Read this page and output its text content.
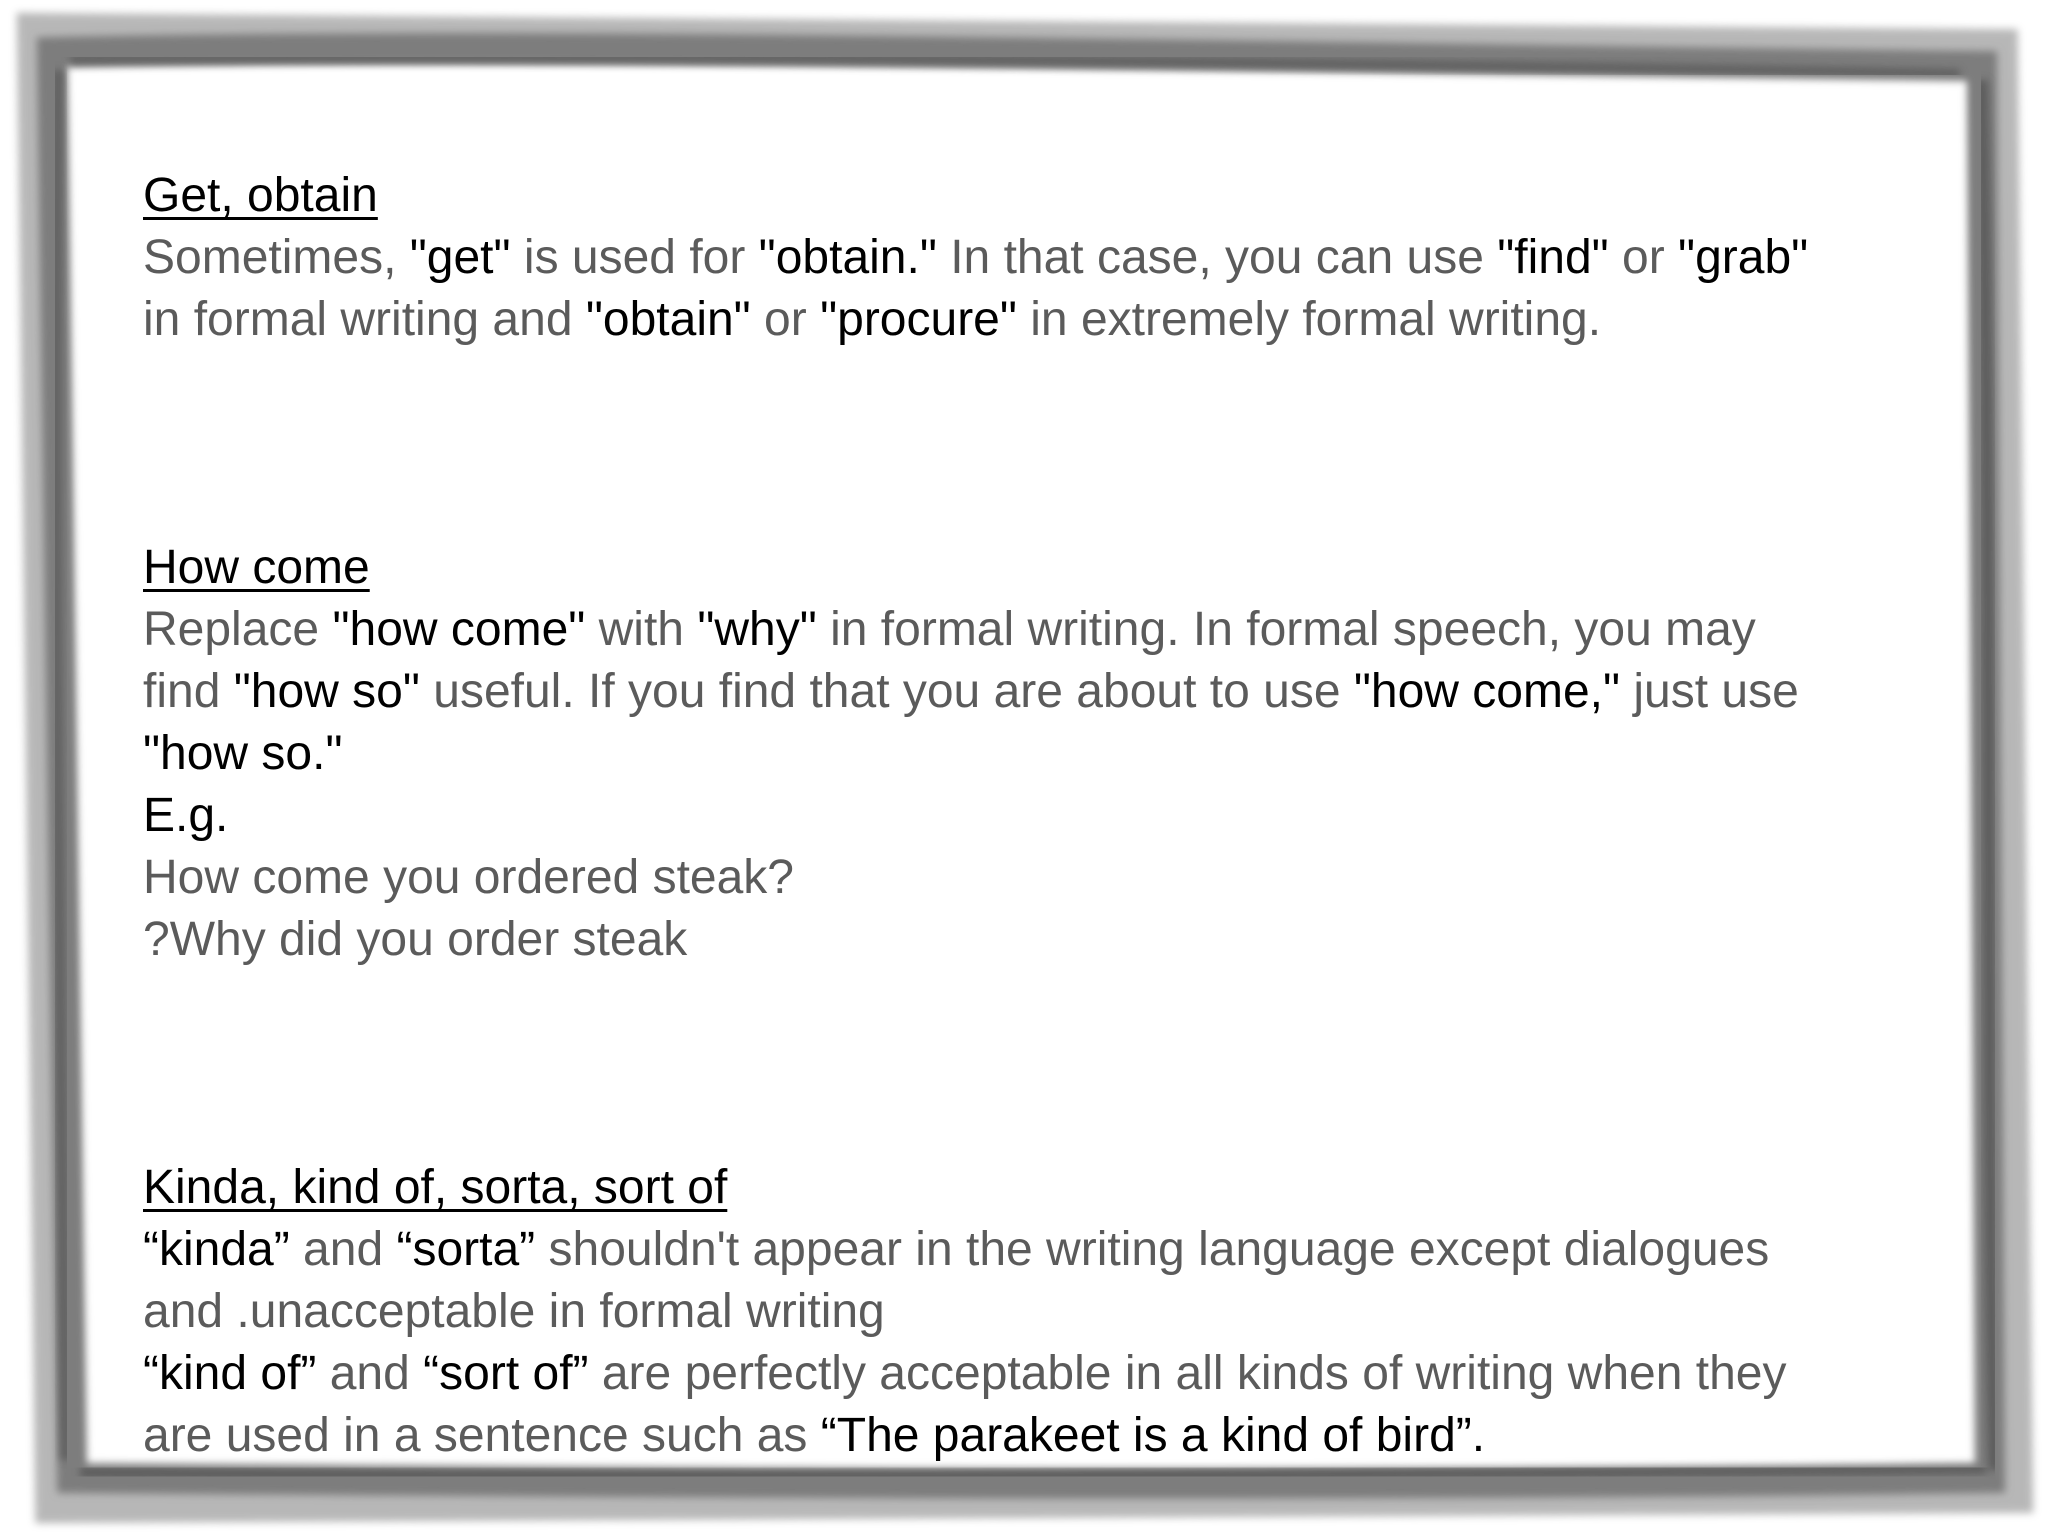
Get, obtain
Sometimes, "get" is used for "obtain." In that case, you can use "find" or "grab"
in formal writing and "obtain" or "procure" in extremely formal writing.
How come
Replace "how come" with "why" in formal writing. In formal speech, you may
find "how so" useful. If you find that you are about to use "how come," just use
"how so."
E.g.
How come you ordered steak?
?Why did you order steak
Kinda, kind of, sorta, sort of
“kinda” and “sorta” shouldn't appear in the writing language except dialogues
and .unacceptable in formal writing
“kind of” and “sort of” are perfectly acceptable in all kinds of writing when they
are used in a sentence such as “The parakeet is a kind of bird”.
